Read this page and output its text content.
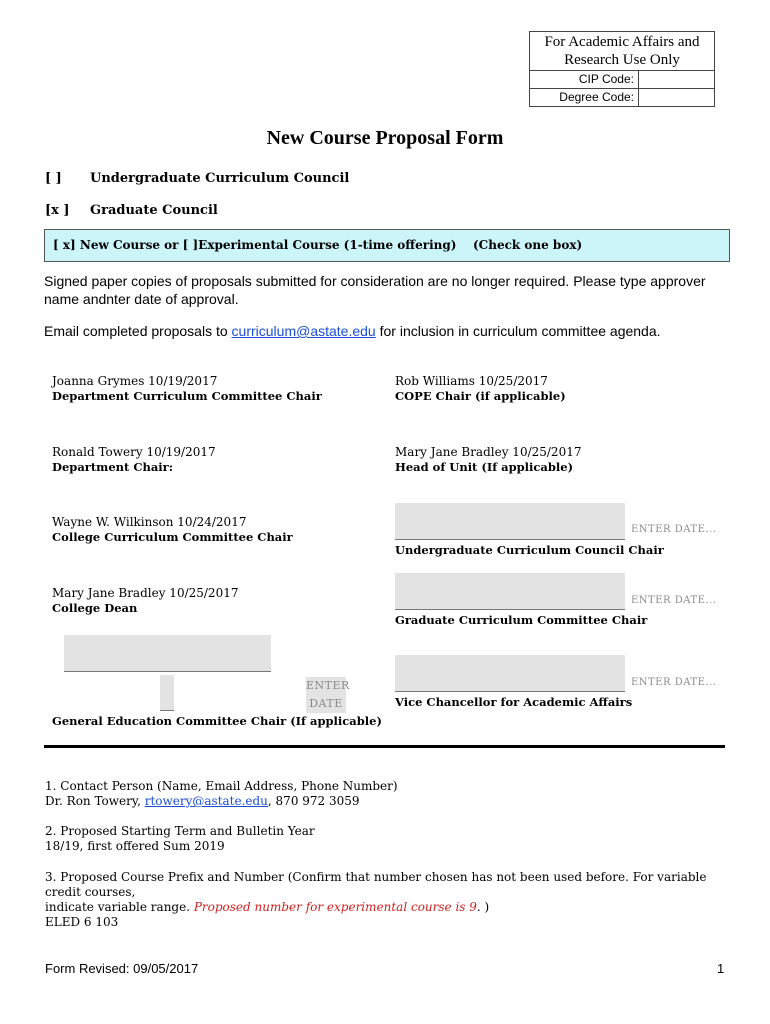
For Academic Affairs and Research Use Only
CIP Code:
Degree Code:
New Course Proposal Form
[ ] Undergraduate Curriculum Council
[x ] Graduate Council
[ x] New Course or [ ]Experimental Course (1-time offering) (Check one box)
Signed paper copies of proposals submitted for consideration are no longer required. Please type approver name andnter date of approval.
Email completed proposals to curriculum@astate.edu for inclusion in curriculum committee agenda.
Joanna Grymes 10/19/2017
Department Curriculum Committee Chair
Ronald Towery 10/19/2017
Department Chair:
Wayne W. Wilkinson 10/24/2017
College Curriculum Committee Chair
Mary Jane Bradley 10/25/2017
College Dean
ENTER
DATE
General Education Committee Chair (If applicable)
Rob Williams 10/25/2017
COPE Chair (if applicable)
Mary Jane Bradley 10/25/2017
Head of Unit (If applicable)
ENTER DATE...
Undergraduate Curriculum Council Chair
ENTER DATE...
Graduate Curriculum Committee Chair
ENTER DATE...
Vice Chancellor for Academic Affairs
1. Contact Person (Name, Email Address, Phone Number)
Dr. Ron Towery, rtowery@astate.edu, 870 972 3059
2. Proposed Starting Term and Bulletin Year
18/19, first offered Sum 2019
3. Proposed Course Prefix and Number (Confirm that number chosen has not been used before. For variable credit courses,
indicate variable range. Proposed number for experimental course is 9. )
ELED 6 103
Form Revised: 09/05/2017	1
